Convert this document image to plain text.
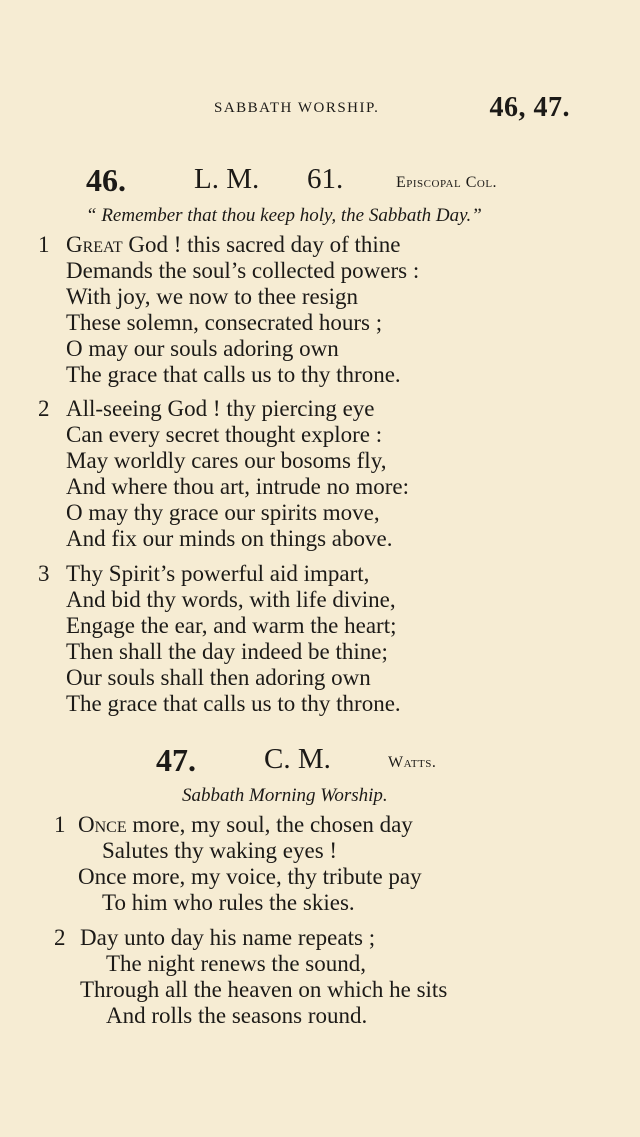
SABBATH WORSHIP.	46, 47.
46. L. M. 61.	Episcopal Col.
“ Remember that thou keep holy, the Sabbath Day.”
1 Great God ! this sacred day of thine
Demands the soul’s collected powers :
With joy, we now to thee resign
These solemn, consecrated hours ;
O may our souls adoring own
The grace that calls us to thy throne.
2 All-seeing God ! thy piercing eye
Can every secret thought explore :
May worldly cares our bosoms fly,
And where thou art, intrude no more:
O may thy grace our spirits move,
And fix our minds on things above.
3 Thy Spirit’s powerful aid impart,
And bid thy words, with life divine,
Engage the ear, and warm the heart;
Then shall the day indeed be thine;
Our souls shall then adoring own
The grace that calls us to thy throne.
47. C. M.	Watts.
Sabbath Morning Worship.
1 Once more, my soul, the chosen day
Salutes thy waking eyes !
Once more, my voice, thy tribute pay
To him who rules the skies.
2 Day unto day his name repeats ;
The night renews the sound,
Through all the heaven on which he sits
And rolls the seasons round.
